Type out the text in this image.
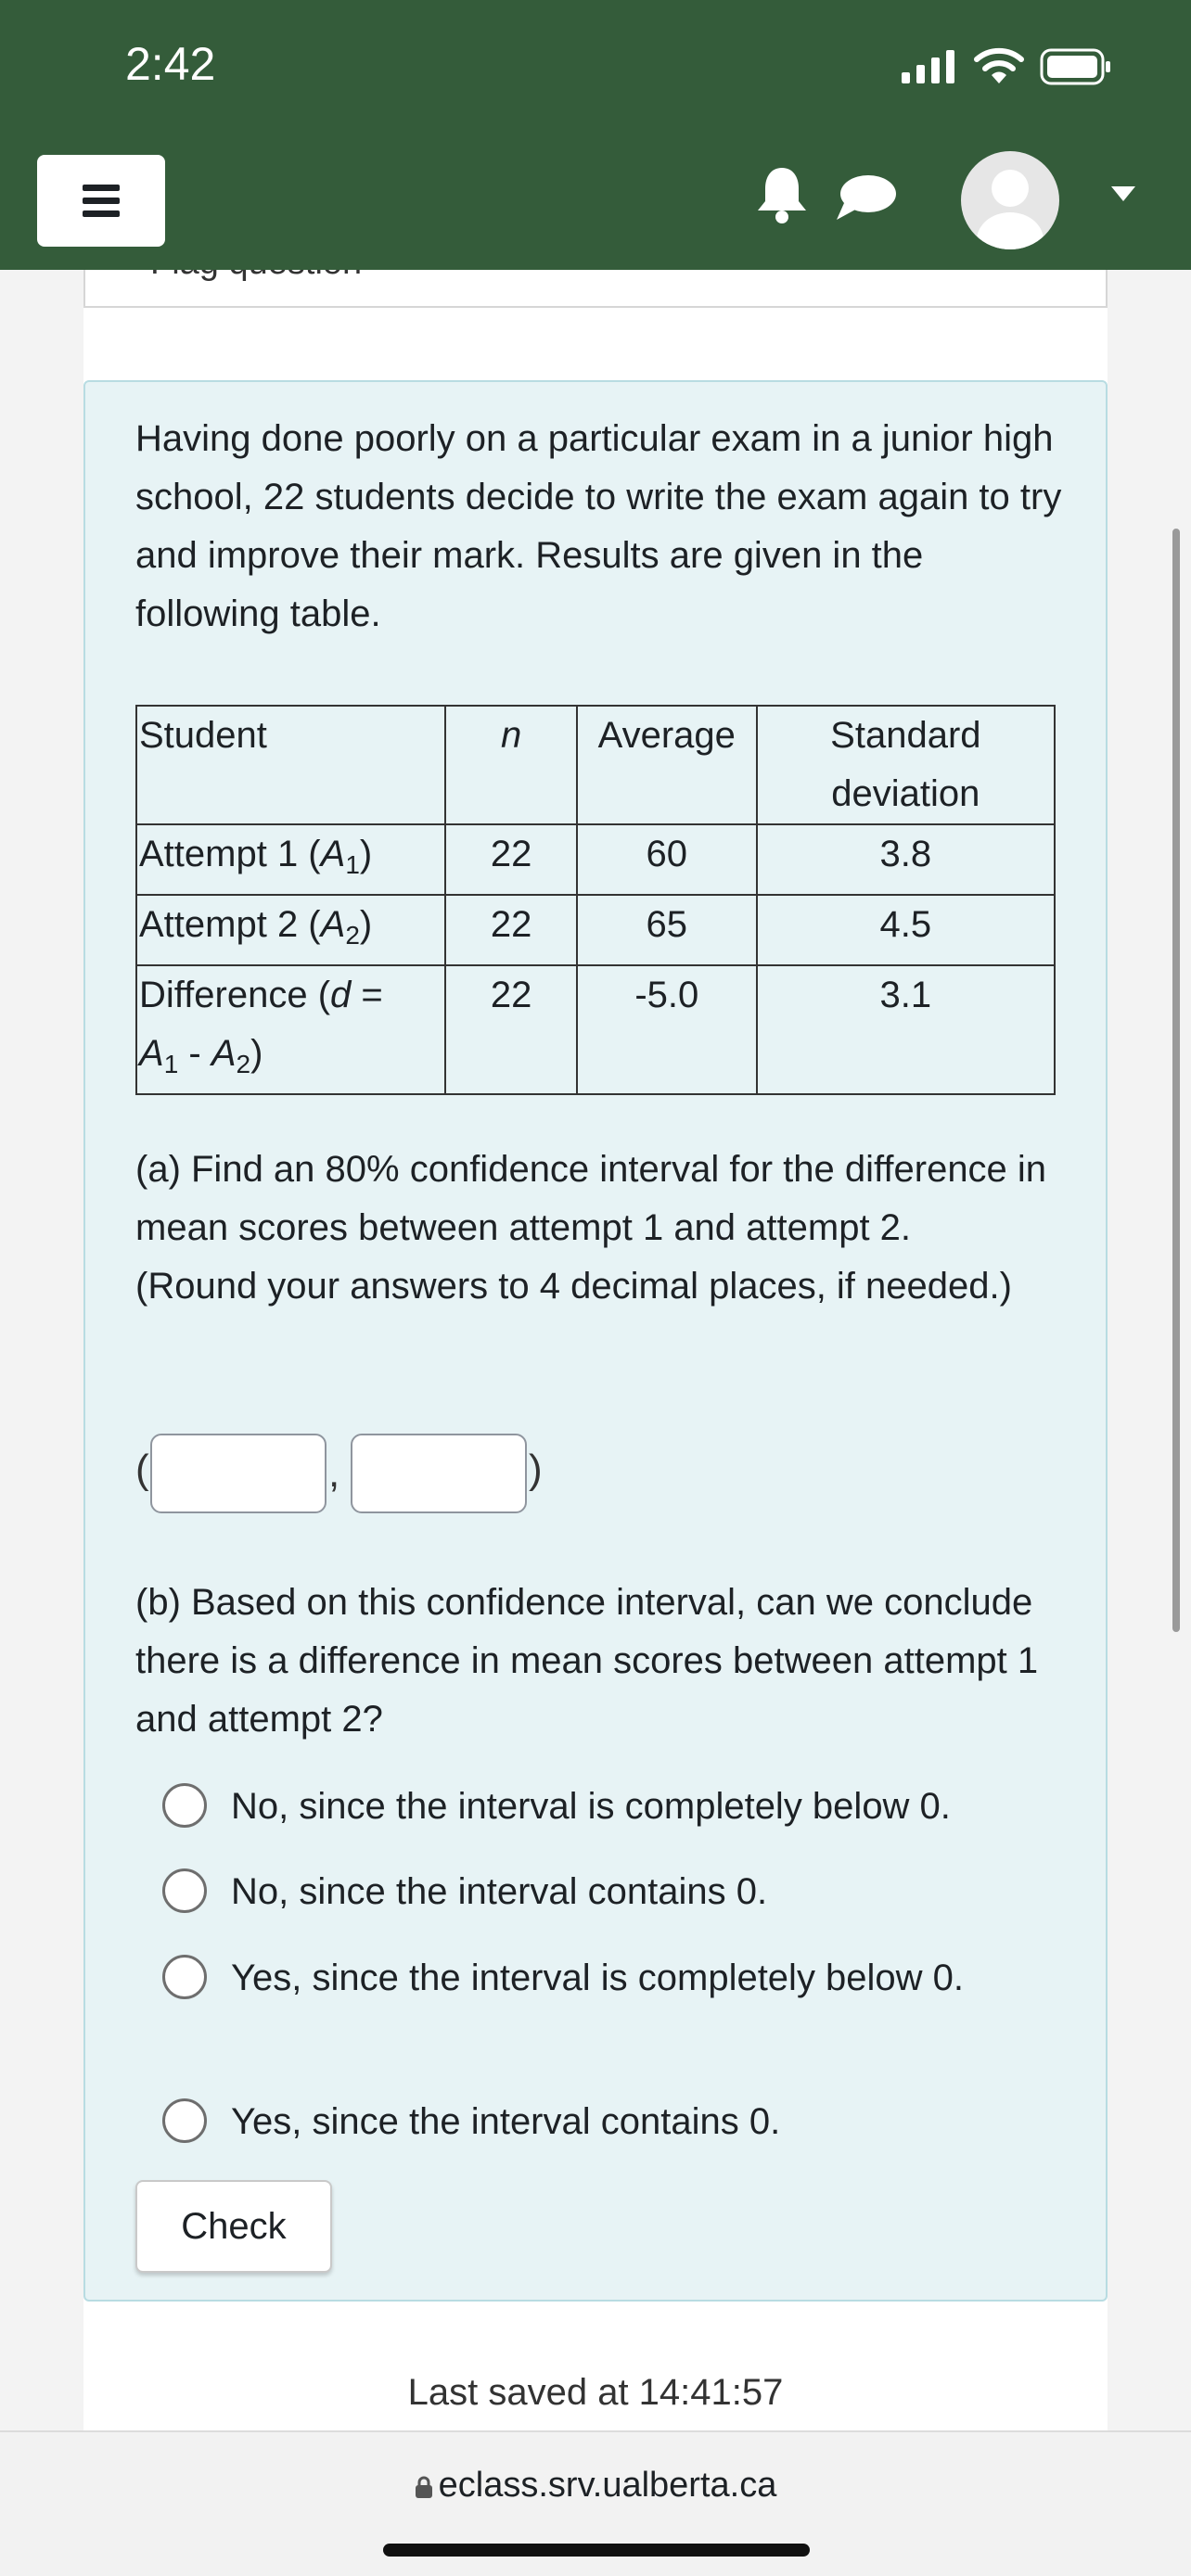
2:42
Having done poorly on a particular exam in a junior high school, 22 students decide to write the exam again to try and improve their mark. Results are given in the following table.
Student	n	Average	Standard deviation
Attempt 1 $(A_1)$	22	60	3.8
Attempt 2 $(A_2)$	22	65	4.5
Difference (d =
$A_1 - A_2$)	22	-5.0	3.1
(a) Find an 80% confidence interval for the difference in mean scores between attempt 1 and attempt 2.
(Round your answers to 4 decimal places, if needed.)
(	,	)
(b) Based on this confidence interval, can we conclude there is a difference in mean scores between attempt 1 and attempt 2?
No, since the interval is completely below 0.
No, since the interval contains 0.
Yes, since the interval is completely below 0.
Yes, since the interval contains 0.
Check
Last saved at 14:41:57
eclass.srv.ualberta.ca
